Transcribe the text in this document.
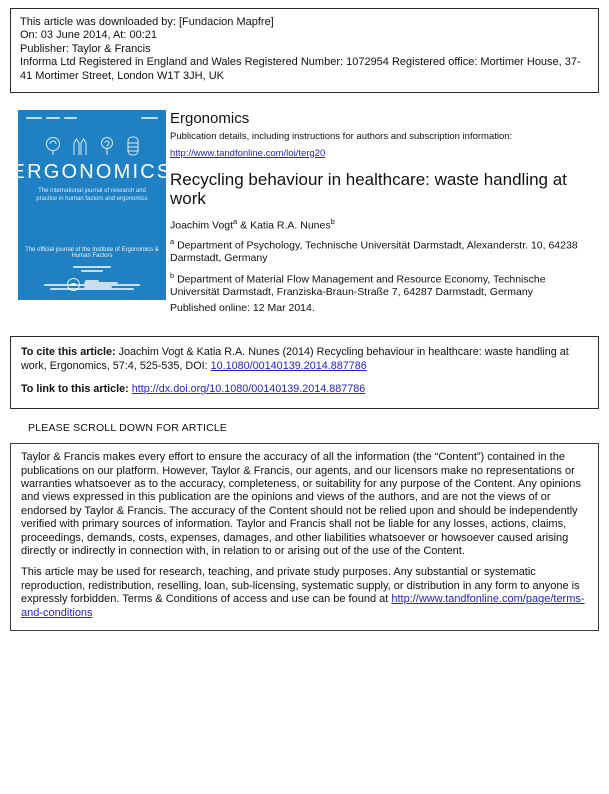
This article was downloaded by: [Fundacion Mapfre]
On: 03 June 2014, At: 00:21
Publisher: Taylor & Francis
Informa Ltd Registered in England and Wales Registered Number: 1072954 Registered office: Mortimer House, 37-41 Mortimer Street, London W1T 3JH, UK
ERGONOMICS
The international journal of research and practice in human factors and ergonomics
The official journal of the Institute of Ergonomics & Human Factors
Ergonomics

Publication details, including instructions for authors and subscription information:

http://www.tandfonline.com/loi/terg20
Recycling behaviour in healthcare: waste handling at work

Joachim Vogt$^a$ & Katia R.A. Nunes$^b$

$^a$ Department of Psychology, Technische Universität Darmstadt, Alexanderstr. 10, 64238 Darmstadt, Germany

$^b$ Department of Material Flow Management and Resource Economy, Technische Universität Darmstadt, Franziska-Braun-Straße 7, 64287 Darmstadt, Germany

Published online: 12 Mar 2014.

To cite this article: Joachim Vogt & Katia R.A. Nunes (2014) Recycling behaviour in healthcare: waste handling at work, Ergonomics, 57:4, 525-535, DOI: 10.1080/00140139.2014.887786

To link to this article: http://dx.doi.org/10.1080/00140139.2014.887786

PLEASE SCROLL DOWN FOR ARTICLE

Taylor & Francis makes every effort to ensure the accuracy of all the information (the “Content”) contained in the publications on our platform. However, Taylor & Francis, our agents, and our licensors make no representations or warranties whatsoever as to the accuracy, completeness, or suitability for any purpose of the Content. Any opinions and views expressed in this publication are the opinions and views of the authors, and are not the views of or endorsed by Taylor & Francis. The accuracy of the Content should not be relied upon and should be independently verified with primary sources of information. Taylor and Francis shall not be liable for any losses, actions, claims, proceedings, demands, costs, expenses, damages, and other liabilities whatsoever or howsoever caused arising directly or indirectly in connection with, in relation to or arising out of the use of the Content.

This article may be used for research, teaching, and private study purposes. Any substantial or systematic reproduction, redistribution, reselling, loan, sub-licensing, systematic supply, or distribution in any form to anyone is expressly forbidden. Terms & Conditions of access and use can be found at http://www.tandfonline.com/page/terms-and-conditions
